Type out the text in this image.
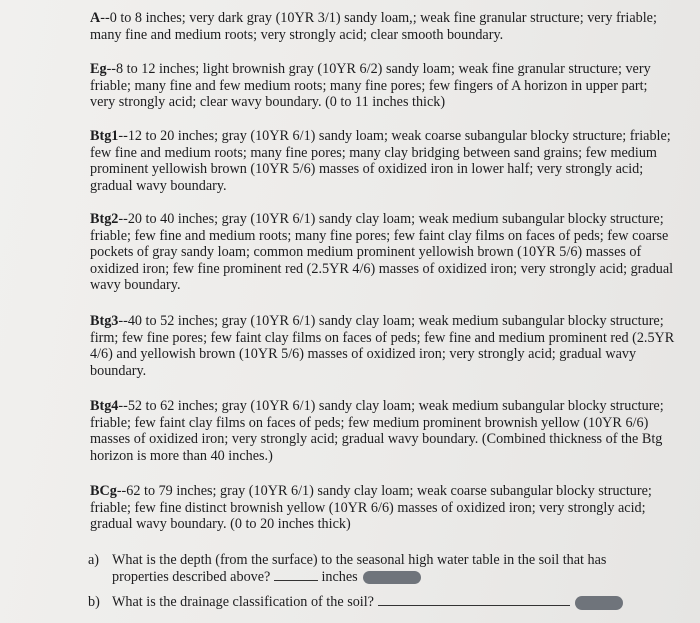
A--0 to 8 inches; very dark gray (10YR 3/1) sandy loam,; weak fine granular structure; very friable; many fine and medium roots; very strongly acid; clear smooth boundary.

Eg--8 to 12 inches; light brownish gray (10YR 6/2) sandy loam; weak fine granular structure; very friable; many fine and few medium roots; many fine pores; few fingers of A horizon in upper part; very strongly acid; clear wavy boundary. (0 to 11 inches thick)

Btg1--12 to 20 inches; gray (10YR 6/1) sandy loam; weak coarse subangular blocky structure; friable; few fine and medium roots; many fine pores; many clay bridging between sand grains; few medium prominent yellowish brown (10YR 5/6) masses of oxidized iron in lower half; very strongly acid; gradual wavy boundary.

Btg2--20 to 40 inches; gray (10YR 6/1) sandy clay loam; weak medium subangular blocky structure; friable; few fine and medium roots; many fine pores; few faint clay films on faces of peds; few coarse pockets of gray sandy loam; common medium prominent yellowish brown (10YR 5/6) masses of oxidized iron; few fine prominent red (2.5YR 4/6) masses of oxidized iron; very strongly acid; gradual wavy boundary.

Btg3--40 to 52 inches; gray (10YR 6/1) sandy clay loam; weak medium subangular blocky structure; firm; few fine pores; few faint clay films on faces of peds; few fine and medium prominent red (2.5YR 4/6) and yellowish brown (10YR 5/6) masses of oxidized iron; very strongly acid; gradual wavy boundary.

Btg4--52 to 62 inches; gray (10YR 6/1) sandy clay loam; weak medium subangular blocky structure; friable; few faint clay films on faces of peds; few medium prominent brownish yellow (10YR 6/6) masses of oxidized iron; very strongly acid; gradual wavy boundary. (Combined thickness of the Btg horizon is more than 40 inches.)

BCg--62 to 79 inches; gray (10YR 6/1) sandy clay loam; weak coarse subangular blocky structure; friable; few fine distinct brownish yellow (10YR 6/6) masses of oxidized iron; very strongly acid; gradual wavy boundary. (0 to 20 inches thick)

a) What is the depth (from the surface) to the seasonal high water table in the soil that has
properties described above?	inches
b) What is the drainage classification of the soil?
